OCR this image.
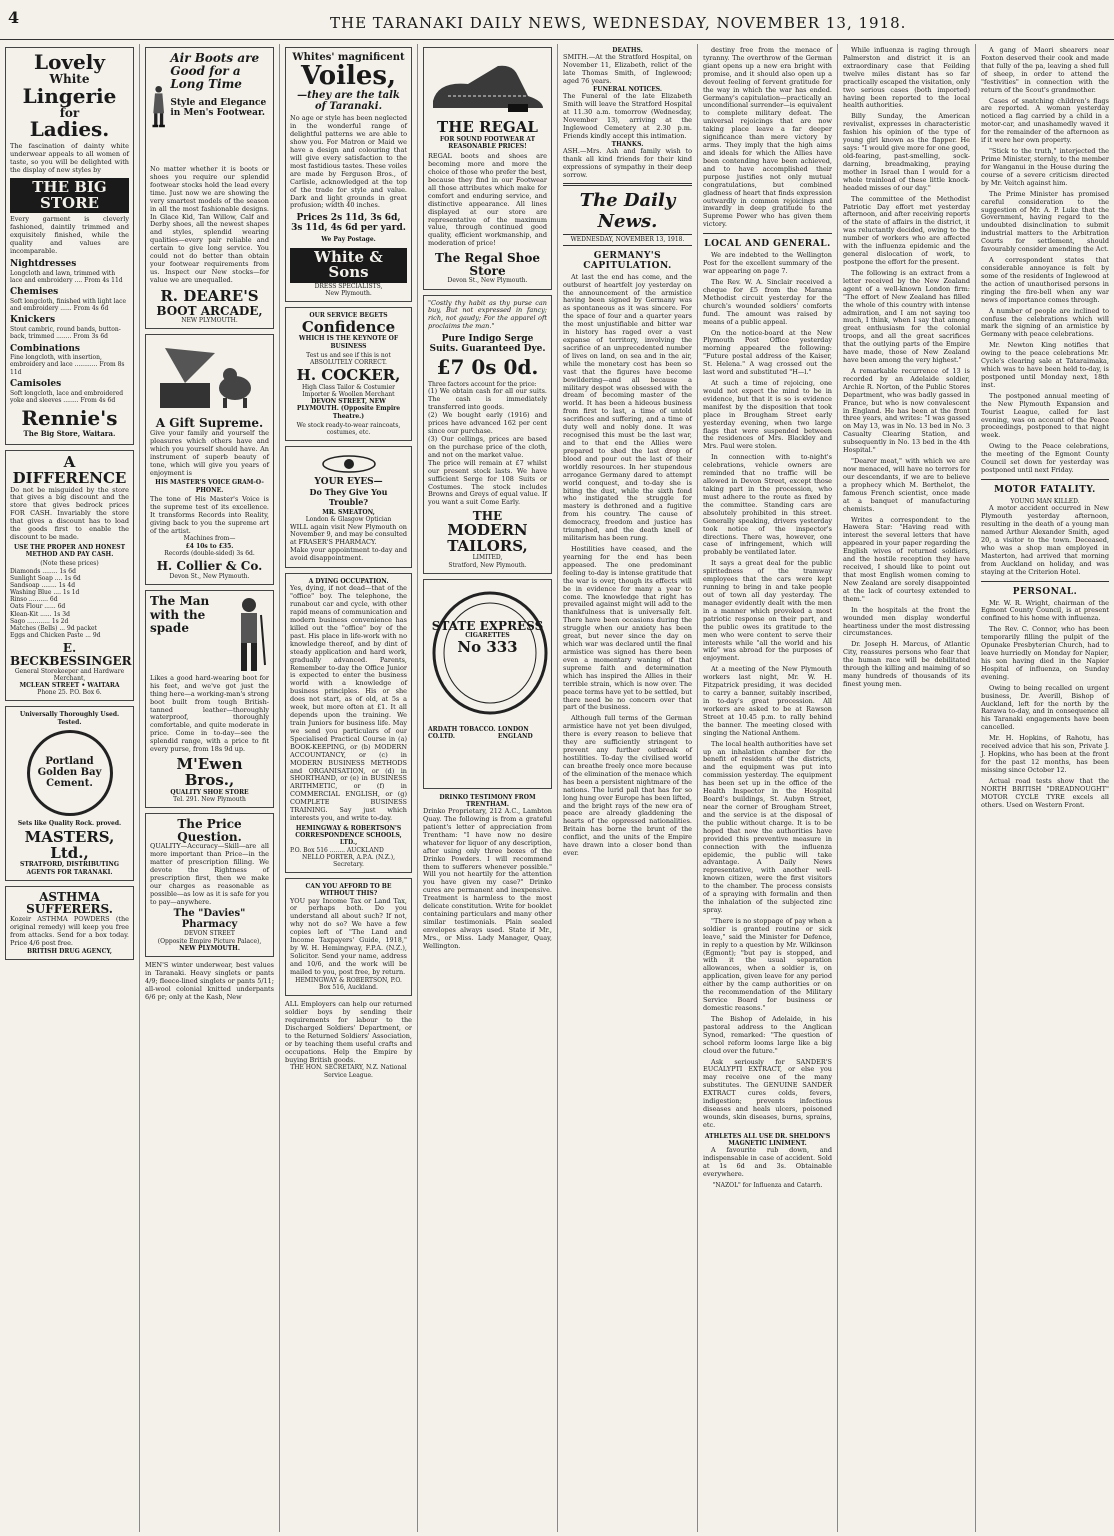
4	THE TARANAKI DAILY NEWS, WEDNESDAY, NOVEMBER 13, 1918.
Lovely
White
Lingerie
for
Ladies.
The fascination of dainty white underwear appeals to all women of taste, so you will be delighted with the display of new styles by
THE BIG STORE
Every garment is cleverly fashioned, daintily trimmed and exquisitely finished, while the quality and values are incomparable.
Nightdresses
Longcloth and lawn, trimmed with lace and embroidery .... From 4s 11d
Chemises
Soft longcloth, finished with light lace and embroidery ...... From 4s 6d
Knickers
Stout cambric, round bands, button-back, trimmed ........ From 3s 6d
Combinations
Fine longcloth, with insertion, embroidery and lace ............ From 8s 11d
Camisoles
Soft longcloth, lace and embroidered yoke and sleeves ........ From 4s 6d
Rennie's
The Big Store, Waitara.
A DIFFERENCE
Do not be misguided by the store that gives a big discount and the store that gives bedrock prices FOR CASH. Invariably the store that gives a discount has to load the goods first to enable the discount to be made.
USE THE PROPER AND HONEST METHOD AND PAY CASH.
(Note these prices)
Diamonds ........ 1s 6d
Sunlight Soap .... 1s 6d
Sandsoap ........ 1s 4d
Washing Blue .... 1s 1d
Rinso .......... 6d
Oats Flour ...... 6d
Klean-Kit ...... 1s 3d
Sago ............ 1s 2d
Matches (Bells) ... 9d packet
Eggs and Chicken Paste ... 9d
E. BECKBESSINGER
General Storekeeper and Hardware Merchant,
MCLEAN STREET • WAITARA
Phone 25. P.O. Box 6.
Universally Thoroughly Used. Tested.
Portland
Golden Bay
Cement.
Sets like Quality Rock. proved.
MASTERS, Ltd.,
STRATFORD, DISTRIBUTING AGENTS FOR TARANAKI.
ASTHMA SUFFERERS.
Kozeir ASTHMA POWDERS (the original remedy) will keep you free from attacks. Send for a box today. Price 4/6 post free.
BRITISH DRUG AGENCY,
Air Boots are Good for a Long Time
Style and Elegance in Men's Footwear.
No matter whether it is boots or shoes you require our splendid footwear stocks hold the lead every time. Just now we are showing the very smartest models of the season in all the most fashionable designs. In Glace Kid, Tan Willow, Calf and Derby shoes, all the newest shapes and styles, splendid wearing qualities—every pair reliable and certain to give long service. You could not do better than obtain your footwear requirements from us. Inspect our New stocks—for value we are unequalled.
R. DEARE'S
BOOT ARCADE,
NEW PLYMOUTH.
A Gift Supreme.
Give your family and yourself the pleasures which others have and which you yourself should have. An instrument of superb beauty of tone, which will give you years of enjoyment is
HIS MASTER'S VOICE GRAM-O-PHONE.
The tone of His Master's Voice is the supreme test of its excellence. It transforms Records into Reality, giving back to you the supreme art of the artist.
Machines from—
£4 10s to £35.
Records (double-sided) 3s 6d.
H. Collier & Co.
Devon St., New Plymouth.
The Man with the spade
Likes a good hard-wearing boot for his feet, and we've got just the thing here—a working-man's strong boot built from tough British-tanned leather—thoroughly waterproof, thoroughly comfortable, and quite moderate in price. Come in to-day—see the splendid range, with a price to fit every purse, from 18s 9d up.
M'Ewen Bros.,
QUALITY SHOE STORE
Tel. 291. New Plymouth
The Price Question.
QUALITY—Accuracy—Skill—are all more important than Price—in the matter of prescription filling. We devote the Rightness of prescription first, then we make our charges as reasonable as possible—as low as it is safe for you to pay—anywhere.
The "Davies" Pharmacy
DEVON STREET
(Opposite Empire Picture Palace),
NEW PLYMOUTH.
MEN'S winter underwear, best values in Taranaki. Heavy singlets or pants 4/9; fleece-lined singlets or pants 5/11; all-wool colonial knitted underpants 6/6 pr; only at the Kash, New
Whites' magnificent
Voiles,
—they are the talk of Taranaki.
No age or style has been neglected in the wonderful range of delightful patterns we are able to show you. For Matron or Maid we have a design and colouring that will give every satisfaction to the most fastidious tastes. These voiles are made by Ferguson Bros., of Carlisle, acknowledged at the top of the trade for style and value. Dark and light grounds in great profusion; width 40 inches.
Prices 2s 11d, 3s 6d, 3s 11d, 4s 6d per yard.
We Pay Postage.
White & Sons
DRESS SPECIALISTS,
New Plymouth.
OUR SERVICE BEGETS
Confidence
WHICH IS THE KEYNOTE OF BUSINESS
Test us and see if this is not ABSOLUTELY CORRECT.
H. COCKER,
High Class Tailor & Costumier Importer & Woollen Merchant
DEVON STREET, NEW PLYMOUTH. (Opposite Empire Theatre.)
We stock ready-to-wear raincoats, costumes, etc.
YOUR EYES—
Do They Give You Trouble?
MR. SMEATON,
London & Glasgow Optician
WILL again visit New Plymouth on November 9, and may be consulted at FRASER'S PHARMACY.
Make your appointment to-day and avoid disappointment.
A DYING OCCUPATION.
Yes, dying, if not dead—that of the "office" boy. The telephone, the runabout car and cycle, with other rapid means of communication and modern business convenience has killed out the "office" boy of the past. His place in life-work with no knowledge thereof, and by dint of steady application and hard work, gradually advanced. Parents, Remember to-day the Office Junior is expected to enter the business world with a knowledge of business principles. His or she does not start, as of old, at 5s a week, but more often at £1. It all depends upon the training. We train Juniors for business life. May we send you particulars of our Specialised Practical Course in (a) BOOK-KEEPING, or (b) MODERN ACCOUNTANCY, or (c) in MODERN BUSINESS METHODS and ORGANISATION, or (d) in SHORTHAND, or (e) in BUSINESS ARITHMETIC, or (f) in COMMERCIAL ENGLISH, or (g) COMPLETE BUSINESS TRAINING. Say just which interests you, and write to-day.
HEMINGWAY & ROBERTSON'S CORRESPONDENCE SCHOOLS, LTD.,
P.O. Box 516 ........ AUCKLAND
NELLO PORTER, A.P.A. (N.Z.), Secretary.
CAN YOU AFFORD TO BE WITHOUT THIS?
YOU pay Income Tax or Land Tax, or perhaps both. Do you understand all about such? If not, why not do so? We have a few copies left of "The Land and Income Taxpayers' Guide, 1918," by W. H. Hemingway, F.P.A. (N.Z.), Solicitor. Send your name, address and 10/6, and the work will be mailed to you, post free, by return.
HEMINGWAY & ROBERTSON, P.O. Box 516, Auckland.
ALL Employers can help our returned soldier boys by sending their requirements for labour to the Discharged Soldiers' Department, or to the Returned Soldiers' Association, or by teaching them useful crafts and occupations. Help the Empire by buying British goods.
THE HON. SECRETARY, N.Z. National Service League.
THE REGAL
FOR SOUND FOOTWEAR AT REASONABLE PRICES!
REGAL boots and shoes are becoming more and more the choice of those who prefer the best, because they find in our Footwear all those attributes which make for comfort and enduring service, and distinctive appearance. All lines displayed at our store are representative of the maximum value, through continued good quality, efficient workmanship, and moderation of price!
The Regal Shoe Store
Devon St., New Plymouth.
"Costly thy habit as thy purse can buy, But not expressed in fancy; rich, not gaudy; For the apparel oft proclaims the man."
Pure Indigo Serge Suits. Guaranteed Dye.
£7 0s 0d.
Three factors account for the price:
(1) We obtain cash for all our suits. The cash is immediately transferred into goods.
(2) We bought early (1916) and prices have advanced 162 per cent since our purchase.
(3) Our cellings, prices are based on the purchase price of the cloth, and not on the market value.
The price will remain at £7 whilst our present stock lasts. We have sufficient Serge for 108 Suits or Costumes. The stock includes Browns and Greys of equal value. If you want a suit Come Early.
THE
MODERN TAILORS,
LIMITED,
Stratford, New Plymouth.
STATE EXPRESS
CIGARETTES
No 333
ARDATH TOBACCO. CO.LTD.
LONDON ENGLAND
DRINKO TESTIMONY FROM TRENTHAM.
Drinko Proprietary, 212 A.C., Lambton Quay. The following is from a grateful patient's letter of appreciation from Trentham: "I have now no desire whatever for liquor of any description, after using only three boxes of the Drinko Powders. I will recommend them to sufferers whenever possible." Will you not heartily for the attention you have given my case?" Drinko cures are permanent and inexpensive. Treatment is harmless to the most delicate constitution. Write for booklet containing particulars and many other similar testimonials. Plain sealed envelopes always used. State if Mr., Mrs., or Miss. Lady Manager, Quay, Wellington.
DEATHS.
SMITH.—At the Stratford Hospital, on November 11, Elizabeth, relict of the late Thomas Smith, of Inglewood; aged 76 years.
FUNERAL NOTICES.
The Funeral of the late Elizabeth Smith will leave the Stratford Hospital at 11.30 a.m. tomorrow (Wednesday, November 13), arriving at the Inglewood Cemetery at 2.30 p.m. Friends kindly accept this intimation.
THANKS.
ASH.—Mrs. Ash and family wish to thank all kind friends for their kind expressions of sympathy in their deep sorrow.
The Daily News.
WEDNESDAY, NOVEMBER 13, 1918.
GERMANY'S CAPITULATION.
At last the end has come, and the outburst of heartfelt joy yesterday on the announcement of the armistice having been signed by Germany was as spontaneous as it was sincere. For the space of four and a quarter years the most unjustifiable and bitter war in history has raged over a vast expanse of territory, involving the sacrifice of an unprecedented number of lives on land, on sea and in the air, while the monetary cost has been so vast that the figures have become bewildering—and all because a military despot was obsessed with the dream of becoming master of the world. It has been a hideous business from first to last, a time of untold sacrifices and suffering, and a time of duty well and nobly done. It was recognised this must be the last war, and to that end the Allies were prepared to shed the last drop of blood and pour out the last of their worldly resources. In her stupendous arrogance Germany dared to attempt world conquest, and to-day she is biting the dust, while the sixth fond who instigated the struggle for mastery is dethroned and a fugitive from his country. The cause of democracy, freedom and justice has triumphed, and the death knell of militarism has been rung.
Hostilities have ceased, and the yearning for the end has been appeased. The one predominant feeling to-day is intense gratitude that the war is over, though its effects will be in evidence for many a year to come. The knowledge that right has prevailed against might will add to the thankfulness that is universally felt. There have been occasions during the struggle when our anxiety has been great, but never since the day on which war was declared until the final armistice was signed has there been even a momentary waning of that supreme faith and determination which has inspired the Allies in their terrible strain, which is now over. The peace terms have yet to be settled, but there need be no concern over that part of the business.
Although full terms of the German armistice have not yet been divulged, there is every reason to believe that they are sufficiently stringent to prevent any further outbreak of hostilities. To-day the civilised world can breathe freely once more because of the elimination of the menace which has been a persistent nightmare of the nations. The lurid pall that has for so long hung over Europe has been lifted, and the bright rays of the new era of peace are already gladdening the hearts of the oppressed nationalities. Britain has borne the brunt of the conflict, and the units of the Empire have drawn into a closer bond than ever.
destiny free from the menace of tyranny. The overthrow of the German giant opens up a new era bright with promise, and it should also open up a devout feeling of fervent gratitude for the way in which the war has ended. Germany's capitulation—practically an unconditional surrender—is equivalent to complete military defeat. The universal rejoicings that are now taking place leave a far deeper significance than mere victory by arms. They imply that the high aims and ideals for which the Allies have been contending have been achieved, and to have accomplished their purpose justifies not only mutual congratulations, but combined gladness of heart that finds expression outwardly in common rejoicings and inwardly in deep gratitude to the Supreme Power who has given them victory.
LOCAL AND GENERAL.
We are indebted to the Wellington Post for the excellent summary of the war appearing on page 7.
The Rev. W. A. Sinclair received a cheque for £5 from the Marama Methodist circuit yesterday for the church's wounded soldiers' comforts fund. The amount was raised by means of a public appeal.
On the notice-board at the New Plymouth Post Office yesterday morning appeared the following: "Future postal address of the Kaiser, St. Helena." A wag crossed out the last word and substituted "H—l."
At such a time of rejoicing, one would not expect the mind to be in evidence, but that it is so is evidence manifest by the disposition that took place in Brougham Street early yesterday evening, when two large flags that were suspended between the residences of Mrs. Blackley and Mrs. Paul were stolen.
In connection with to-night's celebrations, vehicle owners are reminded that no traffic will be allowed in Devon Street, except those taking part in the procession, who must adhere to the route as fixed by the committee. Standing cars are absolutely prohibited in this street. Generally speaking, drivers yesterday took notice of the inspector's directions. There was, however, one case of infringement, which will probably be ventilated later.
It says a great deal for the public spiritedness of the tramway employees that the cars were kept running to bring in and take people out of town all day yesterday. The manager evidently dealt with the men in a manner which provoked a most patriotic response on their part, and the public owes its gratitude to the men who were content to serve their interests while "all the world and his wife" was abroad for the purposes of enjoyment.
At a meeting of the New Plymouth workers last night, Mr. W. H. Fitzpatrick presiding, it was decided to carry a banner, suitably inscribed, in to-day's great procession. All workers are asked to be at Rawson Street at 10.45 p.m. to rally behind the banner. The meeting closed with singing the National Anthem.
The local health authorities have set up an inhalation chamber for the benefit of residents of the districts, and the equipment was put into commission yesterday. The equipment has been set up in the office of the Health Inspector in the Hospital Board's buildings, St. Aubyn Street, near the corner of Brougham Street, and the service is at the disposal of the public without charge. It is to be hoped that now the authorities have provided this preventive measure in connection with the influenza epidemic, the public will take advantage. A Daily News representative, with another well-known citizen, were the first visitors to the chamber. The process consists of a spraying with formalin and then the inhalation of the subjected zinc spray.
"There is no stoppage of pay when a soldier is granted routine or sick leave," said the Minister for Defence, in reply to a question by Mr. Wilkinson (Egmont); "but pay is stopped, and with it the usual separation allowances, when a soldier is, on application, given leave for any period either by the camp authorities or on the recommendation of the Military Service Board for business or domestic reasons."
The Bishop of Adelaide, in his pastoral address to the Anglican Synod, remarked: "The question of school reform looms large like a big cloud over the future."
Ask seriously for SANDER'S EUCALYPTI EXTRACT, or else you may receive one of the many substitutes. The GENUINE SANDER EXTRACT cures colds, fevers, indigestion; prevents infectious diseases and heals ulcers, poisoned wounds, skin diseases, burns, sprains, etc.
ATHLETES ALL USE DR. SHELDON'S MAGNETIC LINIMENT.
A favourite rub down, and indispensable in case of accident. Sold at 1s 6d and 3s. Obtainable everywhere.
"NAZOL" for Influenza and Catarrh.
While influenza is raging through Palmerston and district it is an extraordinary case that Feilding twelve miles distant has so far practically escaped the visitation, only two serious cases (both imported) having been reported to the local health authorities.
Billy Sunday, the American revivalist, expresses in characteristic fashion his opinion of the type of young girl known as the flapper. He says: "I would give more for one good, old-fearing, past-smelling, sock-darning, breadmaking, praying mother in Israel than I would for a whole trainload of these little knock-headed misses of our day."
The committee of the Methodist Patriotic Day effort met yesterday afternoon, and after receiving reports of the state of affairs in the district, it was reluctantly decided, owing to the number of workers who are affected with the influenza epidemic and the general dislocation of work, to postpone the effort for the present.
The following is an extract from a letter received by the New Zealand agent of a well-known London firm: "The effort of New Zealand has filled the whole of this country with intense admiration, and I am not saying too much, I think, when I say that among great enthusiasm for the colonial troops, and all the great sacrifices that the outlying parts of the Empire have made, those of New Zealand have been among the very highest."
A remarkable recurrence of 13 is recorded by an Adelaide soldier, Archie R. Norton, of the Public Stores Department, who was badly gassed in France, but who is now convalescent in England. He has been at the front three years, and writes: "I was gassed on May 13, was in No. 13 bed in No. 3 Casualty Clearing Station, and subsequently in No. 13 bed in the 4th Hospital."
"Dearer meat," with which we are now menaced, will have no terrors for our descendants, if we are to believe a prophecy which M. Berthelot, the famous French scientist, once made at a banquet of manufacturing chemists.
Writes a correspondent to the Hawera Star: "Having read with interest the several letters that have appeared in your paper regarding the English wives of returned soldiers, and the hostile reception they have received, I should like to point out that most English women coming to New Zealand are sorely disappointed at the lack of courtesy extended to them."
In the hospitals at the front the wounded men display wonderful heartiness under the most distressing circumstances.
Dr. Joseph H. Marcus, of Atlantic City, reassures persons who fear that the human race will be debilitated through the killing and maiming of so many hundreds of thousands of its finest young men.
A gang of Maori shearers near Foxton deserved their cook and made that fully of the pa, leaving a shed full of sheep, in order to attend the "festivities" in connection with the return of the Scout's grandmother.
Cases of snatching children's flags are reported. A woman yesterday noticed a flag carried by a child in a motor-car, and unashamedly waved it for the remainder of the afternoon as if it were her own property.
"Stick to the truth," interjected the Prime Minister, sternly, to the member for Wanganui in the House during the course of a severe criticism directed by Mr. Veitch against him.
The Prime Minister has promised careful consideration to the suggestion of Mr. A. P. Luke that the Government, having regard to the undoubted disinclination to submit industrial matters to the Arbitration Courts for settlement, should favourably consider amending the Act.
A correspondent states that considerable annoyance is felt by some of the residents of Inglewood at the action of unauthorised persons in ringing the fire-bell when any war news of importance comes through.
A number of people are inclined to confuse the celebrations which will mark the signing of an armistice by Germany with peace celebrations.
Mr. Newton King notifies that owing to the peace celebrations Mr. Cycle's clearing sale at Tataraimaka, which was to have been held to-day, is postponed until Monday next, 18th inst.
The postponed annual meeting of the New Plymouth Expansion and Tourist League, called for last evening, was on account of the Peace proceedings, postponed to that night week.
Owing to the Peace celebrations, the meeting of the Egmont County Council set down for yesterday was postponed until next Friday.
MOTOR FATALITY.
YOUNG MAN KILLED.
A motor accident occurred in New Plymouth yesterday afternoon, resulting in the death of a young man named Arthur Alexander Smith, aged 20, a visitor to the town. Deceased, who was a shop man employed in Masterton, had arrived that morning from Auckland on holiday, and was staying at the Criterion Hotel.
PERSONAL.
Mr. W. R. Wright, chairman of the Egmont County Council, is at present confined to his home with influenza.
The Rev. C. Connor, who has been temporarily filling the pulpit of the Opunake Presbyterian Church, had to leave hurriedly on Monday for Napier, his son having died in the Napier Hospital of influenza, on Sunday evening.
Owing to being recalled on urgent business, Dr. Averill, Bishop of Auckland, left for the north by the Rarawa to-day, and in consequence all his Taranaki engagements have been cancelled.
Mr. H. Hopkins, of Rahotu, has received advice that his son, Private J. J. Hopkins, who has been at the front for the past 12 months, has been missing since October 12.
Actual road tests show that the NORTH BRITISH "DREADNOUGHT" MOTOR CYCLE TYRE excels all others. Used on Western Front.
